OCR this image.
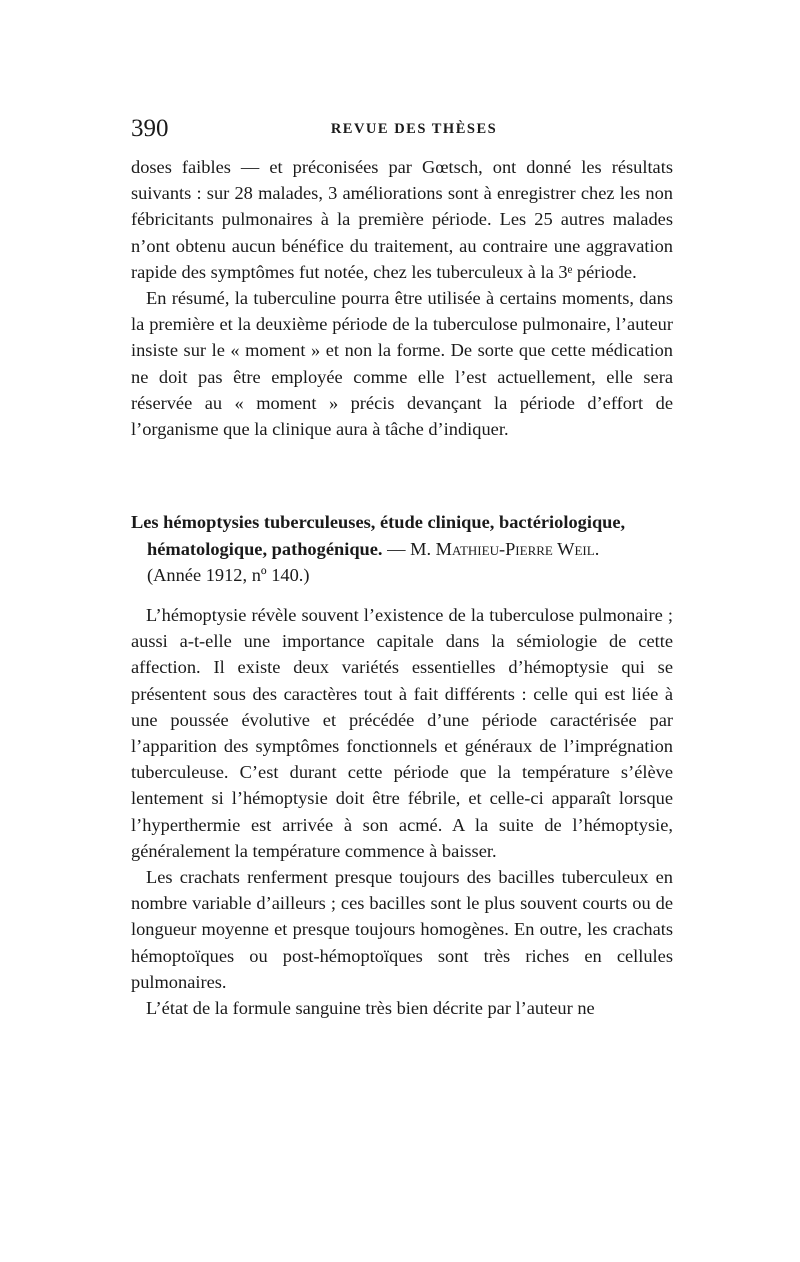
390	REVUE DES THÈSES

doses faibles — et préconisées par Gœtsch, ont donné les résultats suivants : sur 28 malades, 3 améliorations sont à enregistrer chez les non fébricitants pulmonaires à la première période. Les 25 autres malades n’ont obtenu aucun bénéfice du traitement, au contraire une aggravation rapide des symptômes fut notée, chez les tuberculeux à la 3ᵉ période.

En résumé, la tuberculine pourra être utilisée à certains moments, dans la première et la deuxième période de la tuberculose pulmonaire, l’auteur insiste sur le « moment » et non la forme. De sorte que cette médication ne doit pas être employée comme elle l’est actuellement, elle sera réservée au « moment » précis devançant la période d’effort de l’organisme que la clinique aura à tâche d’indiquer.

Les hémoptysies tuberculeuses, étude clinique, bactériologique,
hématologique, pathogénique. — M. Mathieu-Pierre Weil.
(Année 1912, nº 140.)

L’hémoptysie révèle souvent l’existence de la tuberculose pulmonaire ; aussi a-t-elle une importance capitale dans la sémiologie de cette affection. Il existe deux variétés essentielles d’hémoptysie qui se présentent sous des caractères tout à fait différents : celle qui est liée à une poussée évolutive et précédée d’une période caractérisée par l’apparition des symptômes fonctionnels et généraux de l’imprégnation tuberculeuse. C’est durant cette période que la température s’élève lentement si l’hémoptysie doit être fébrile, et celle-ci apparaît lorsque l’hyperthermie est arrivée à son acmé. A la suite de l’hémoptysie, généralement la température commence à baisser.

Les crachats renferment presque toujours des bacilles tuberculeux en nombre variable d’ailleurs ; ces bacilles sont le plus souvent courts ou de longueur moyenne et presque toujours homogènes. En outre, les crachats hémoptoïques ou post-hémoptoïques sont très riches en cellules pulmonaires.

L’état de la formule sanguine très bien décrite par l’auteur ne
